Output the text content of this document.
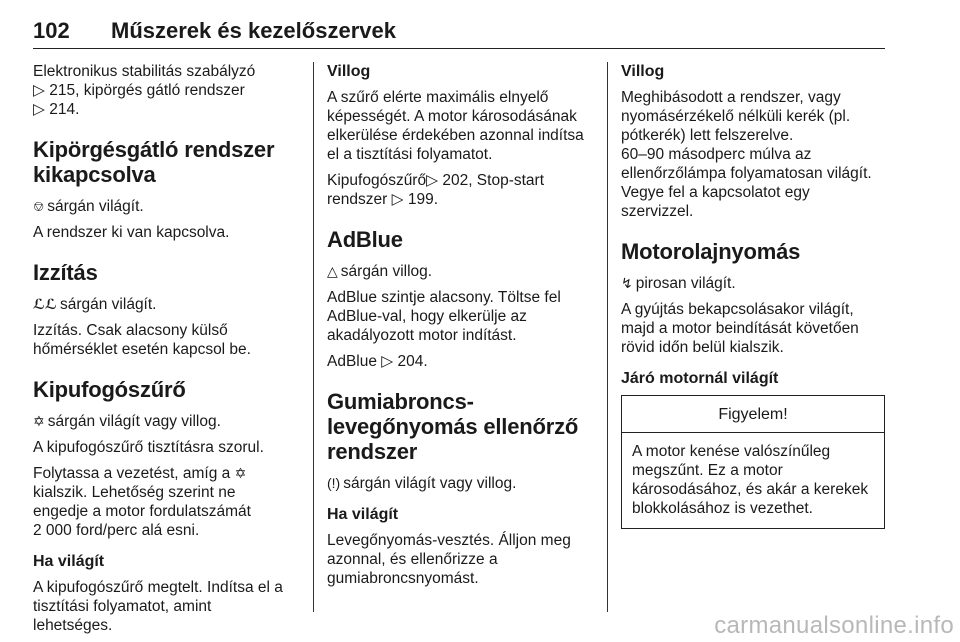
102 Műszerek és kezelőszervek

Elektronikus stabilitás szabályzó
▷ 215, kipörgés gátló rendszer
▷ 214.

Kipörgésgátló rendszer
kikapcsolva

⎊ sárgán világít.

A rendszer ki van kapcsolva.

Izzítás

ℒℒ sárgán világít.

Izzítás. Csak alacsony külső
hőmérséklet esetén kapcsol be.

Kipufogószűrő

✡ sárgán világít vagy villog.

A kipufogószűrő tisztításra szorul.

Folytassa a vezetést, amíg a ✡
kialszik. Lehetőség szerint ne
engedje a motor fordulatszámát
2 000 ford/perc alá esni.

Ha világít

A kipufogószűrő megtelt. Indítsa el a
tisztítási folyamatot, amint
lehetséges.

Villog

A szűrő elérte maximális elnyelő
képességét. A motor károsodásának
elkerülése érdekében azonnal indítsa
el a tisztítási folyamatot.

Kipufogószűrő▷ 202, Stop-start
rendszer ▷ 199.

AdBlue

△ sárgán villog.

AdBlue szintje alacsony. Töltse fel
AdBlue-val, hogy elkerülje az
akadályozott motor indítást.

AdBlue ▷ 204.

Gumiabroncs-
levegőnyomás ellenőrző
rendszer

(!) sárgán világít vagy villog.

Ha világít

Levegőnyomás-vesztés. Álljon meg
azonnal, és ellenőrizze a
gumiabroncsnyomást.

Villog

Meghibásodott a rendszer, vagy
nyomásérzékelő nélküli kerék (pl.
pótkerék) lett felszerelve.
60–90 másodperc múlva az
ellenőrzőlámpa folyamatosan világít.
Vegye fel a kapcsolatot egy
szervizzel.

Motorolajnyomás

↯ pirosan világít.

A gyújtás bekapcsolásakor világít,
majd a motor beindítását követően
rövid időn belül kialszik.

Járó motornál világít
Figyelem!
A motor kenése valószínűleg
megszűnt. Ez a motor
károsodásához, és akár a kerekek
blokkolásához is vezethet.
carmanualsonline.info
